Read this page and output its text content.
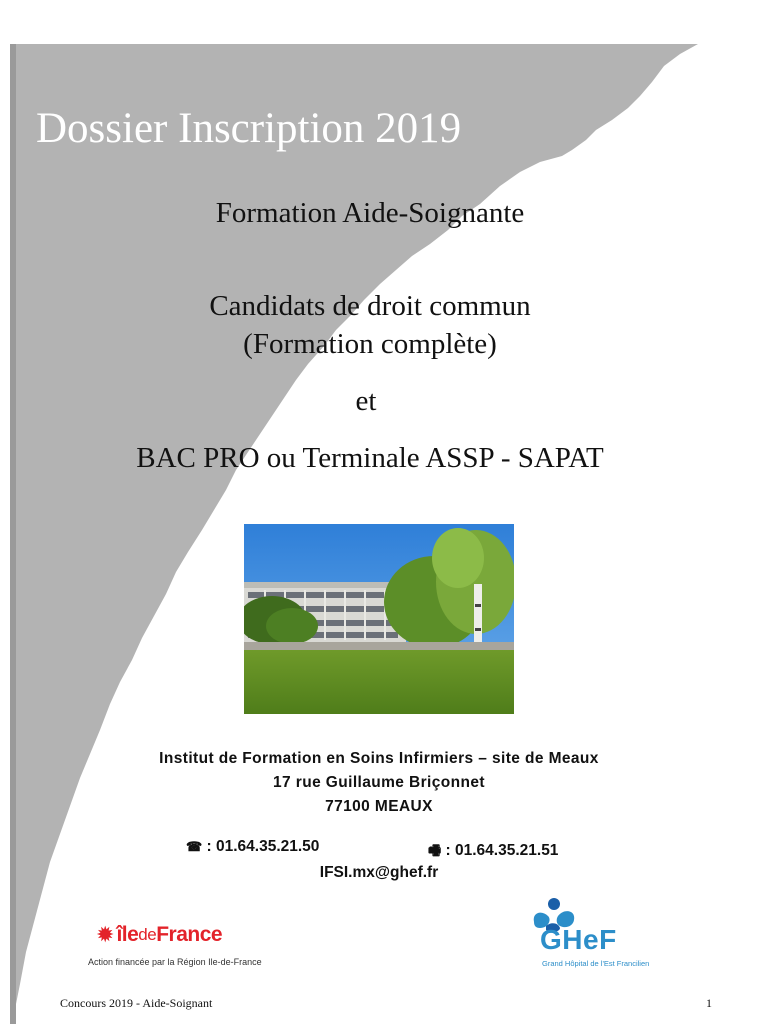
Dossier Inscription 2019
Formation Aide-Soignante
Candidats de droit commun
(Formation complète)
et
BAC PRO ou Terminale ASSP - SAPAT
Institut de Formation en Soins Infirmiers – site de Meaux
17 rue Guillaume Briçonnet
77100 MEAUX
☎ : 01.64.35.21.50	🖷 : 01.64.35.21.51
IFSI.mx@ghef.fr
✹ île de France
Action financée par la Région Ile-de-France
GHeF
Grand Hôpital de l'Est Francilien
Concours 2019 - Aide-Soignant	1
